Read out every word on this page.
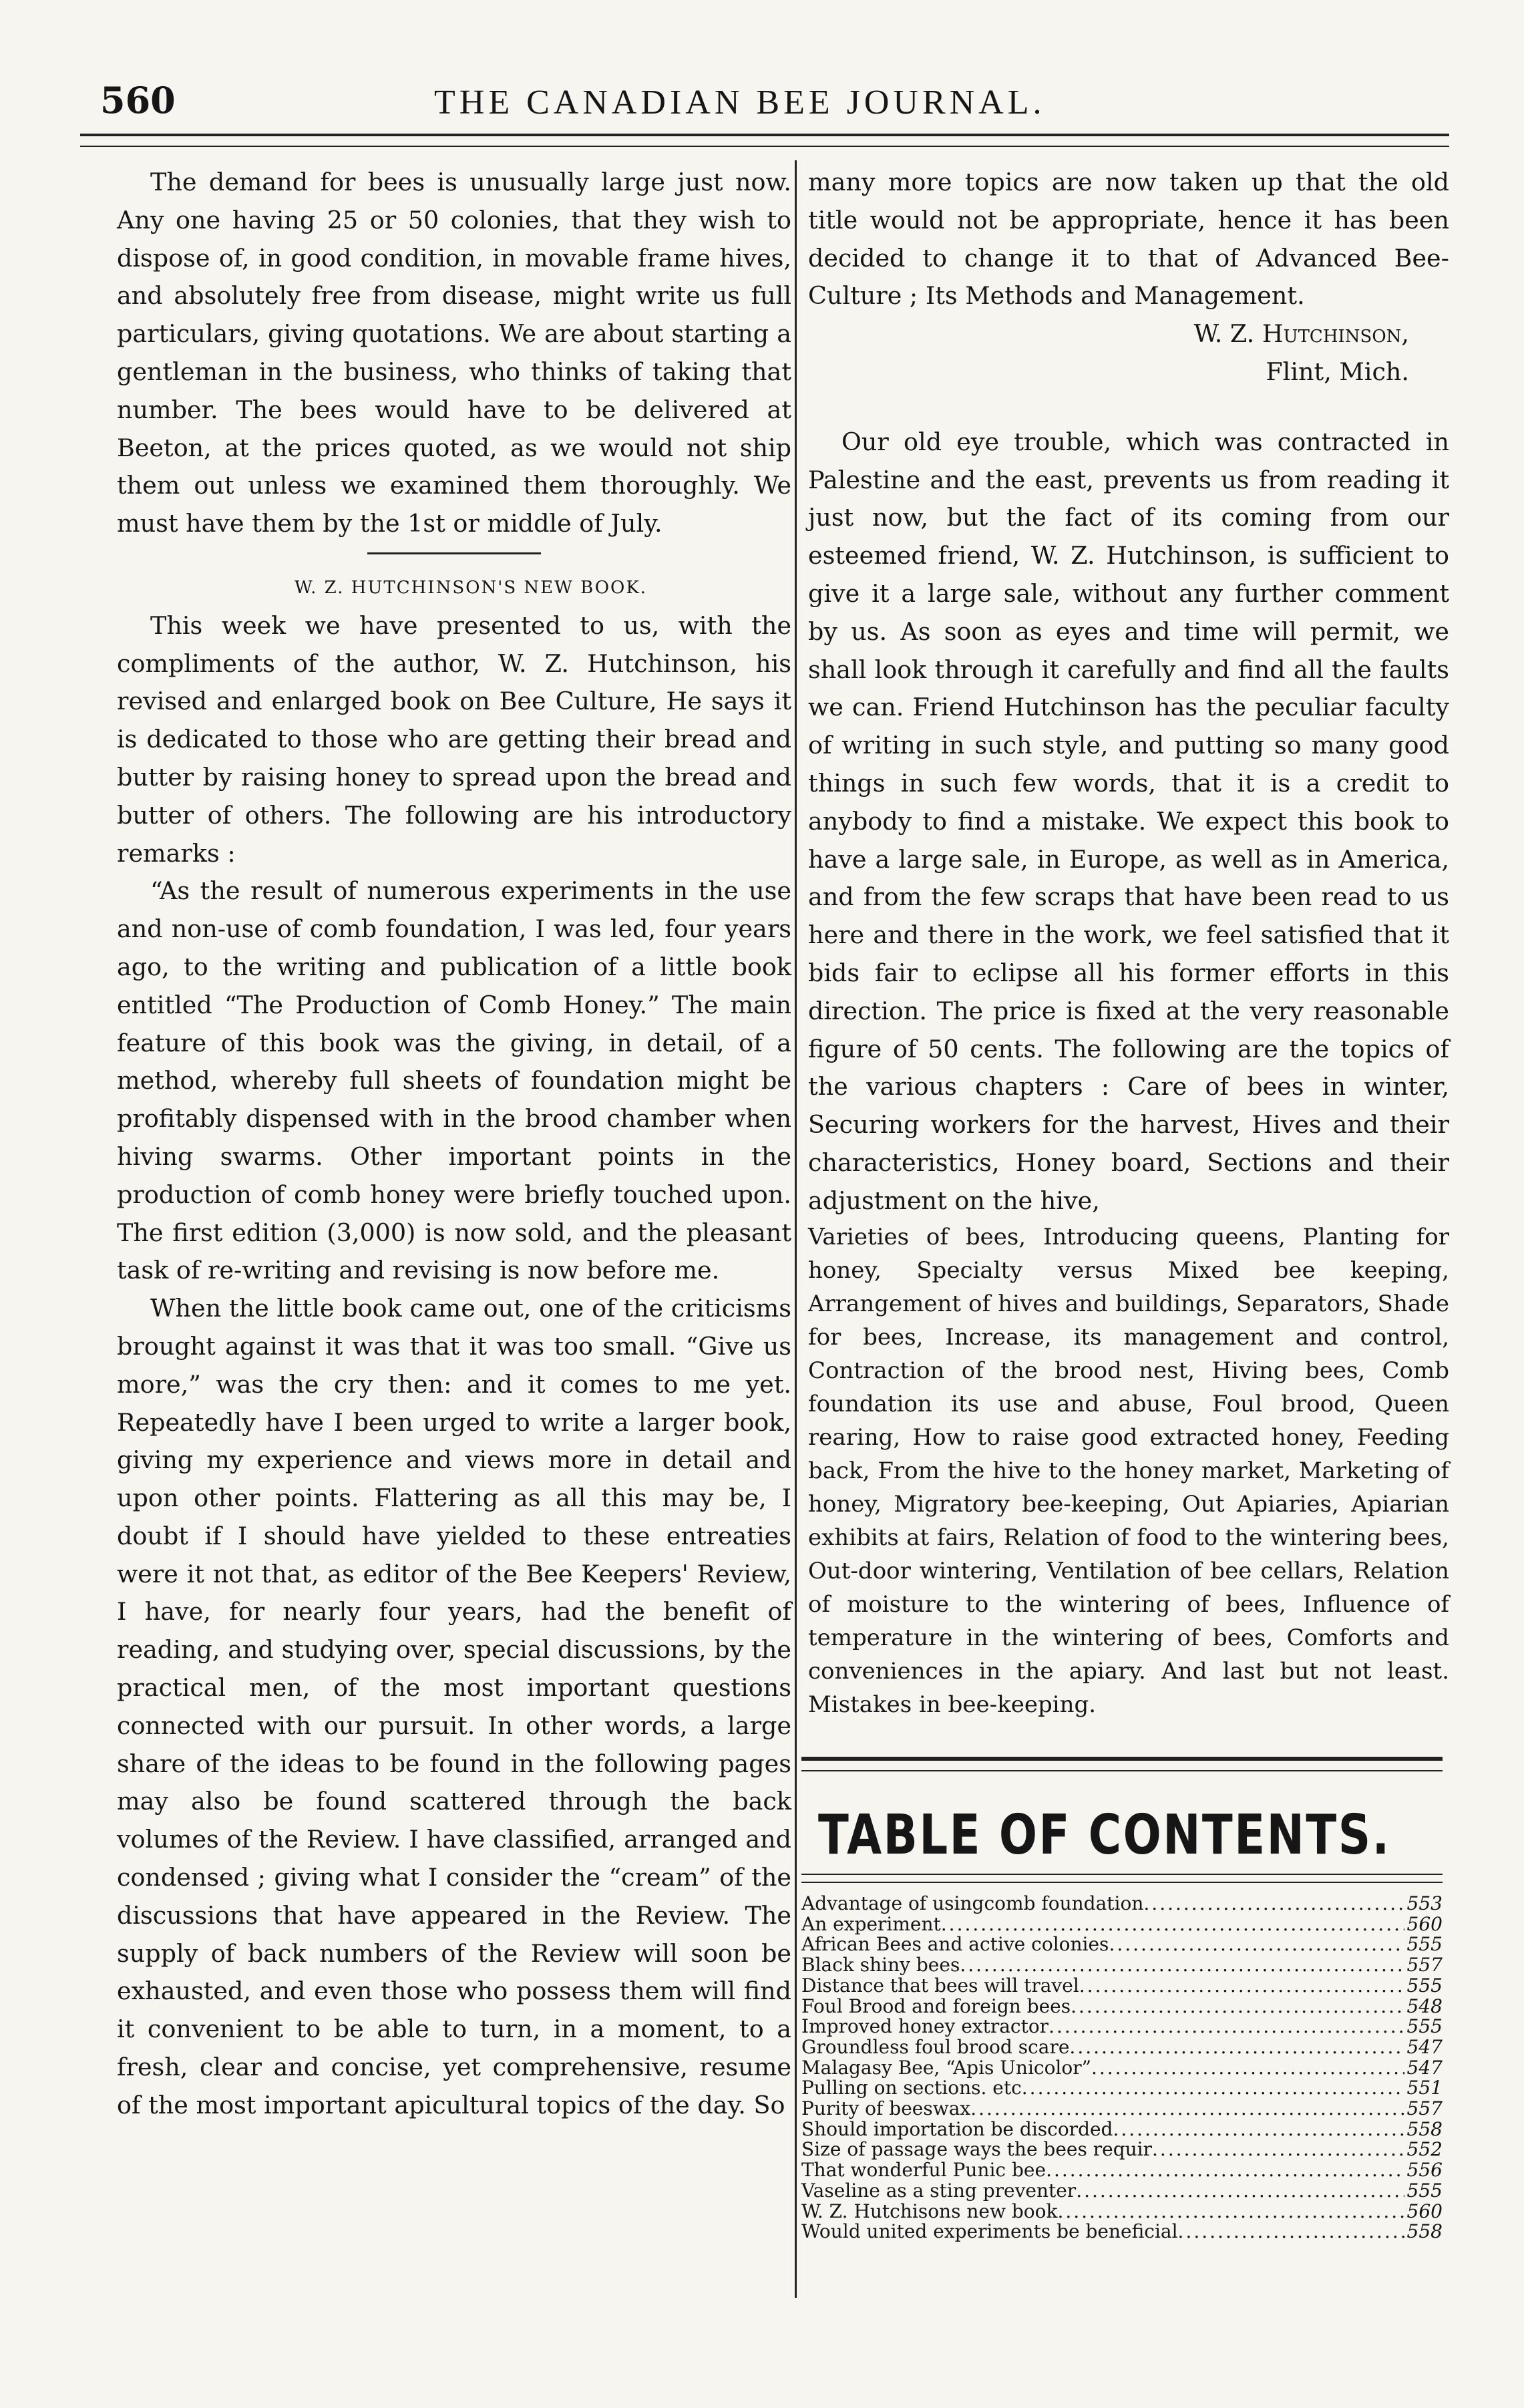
560	THE CANADIAN BEE JOURNAL.

The demand for bees is unusually large just now. Any one having 25 or 50 colonies, that they wish to dispose of, in good condition, in movable frame hives, and absolutely free from disease, might write us full particulars, giving quotations. We are about starting a gentleman in the business, who thinks of taking that number. The bees would have to be delivered at Beeton, at the prices quoted, as we would not ship them out unless we examined them thoroughly. We must have them by the 1st or middle of July.

W. Z. HUTCHINSON'S NEW BOOK.

This week we have presented to us, with the compliments of the author, W. Z. Hutchinson, his revised and enlarged book on Bee Culture, He says it is dedicated to those who are getting their bread and butter by raising honey to spread upon the bread and butter of others. The following are his introductory remarks :

“As the result of numerous experiments in the use and non-use of comb foundation, I was led, four years ago, to the writing and publication of a little book entitled “The Production of Comb Honey.” The main feature of this book was the giving, in detail, of a method, whereby full sheets of foundation might be profitably dispensed with in the brood chamber when hiving swarms. Other important points in the production of comb honey were briefly touched upon. The first edition (3,000) is now sold, and the pleasant task of re-writing and revising is now before me.

When the little book came out, one of the criticisms brought against it was that it was too small. “Give us more,” was the cry then: and it comes to me yet. Repeatedly have I been urged to write a larger book, giving my experience and views more in detail and upon other points. Flattering as all this may be, I doubt if I should have yielded to these entreaties were it not that, as editor of the Bee Keepers' Review, I have, for nearly four years, had the benefit of reading, and studying over, special discussions, by the practical men, of the most important questions connected with our pursuit. In other words, a large share of the ideas to be found in the following pages may also be found scattered through the back volumes of the Review. I have classified, arranged and condensed ; giving what I consider the “cream” of the discussions that have appeared in the Review. The supply of back numbers of the Review will soon be exhausted, and even those who possess them will find it convenient to be able to turn, in a moment, to a fresh, clear and concise, yet comprehensive, resume of the most important apicultural topics of the day. So

many more topics are now taken up that the old title would not be appropriate, hence it has been decided to change it to that of Advanced Bee-Culture ; Its Methods and Management.

W. Z. Hutchinson,

Flint, Mich.

Our old eye trouble, which was contracted in Palestine and the east, prevents us from reading it just now, but the fact of its coming from our esteemed friend, W. Z. Hutchinson, is sufficient to give it a large sale, without any further comment by us. As soon as eyes and time will permit, we shall look through it carefully and find all the faults we can. Friend Hutchinson has the peculiar faculty of writing in such style, and putting so many good things in such few words, that it is a credit to anybody to find a mistake. We expect this book to have a large sale, in Europe, as well as in America, and from the few scraps that have been read to us here and there in the work, we feel satisfied that it bids fair to eclipse all his former efforts in this direction. The price is fixed at the very reasonable figure of 50 cents. The following are the topics of the various chapters : Care of bees in winter, Securing workers for the harvest, Hives and their characteristics, Honey board, Sections and their adjustment on the hive,

Varieties of bees, Introducing queens, Planting for honey, Specialty versus Mixed bee keeping, Arrangement of hives and buildings, Separators, Shade for bees, Increase, its management and control, Contraction of the brood nest, Hiving bees, Comb foundation its use and abuse, Foul brood, Queen rearing, How to raise good extracted honey, Feeding back, From the hive to the honey market, Marketing of honey, Migratory bee-keeping, Out Apiaries, Apiarian exhibits at fairs, Relation of food to the wintering bees, Out-door wintering, Ventilation of bee cellars, Relation of moisture to the wintering of bees, Influence of temperature in the wintering of bees, Comforts and conveniences in the apiary. And last but not least. Mistakes in bee-keeping.

TABLE OF CONTENTS.
Advantage of usingcomb foundation .....	553
An experiment .....	560
African Bees and active colonies .....	555
Black shiny bees .....	557
Distance that bees will travel .....	555
Foul Brood and foreign bees .....	548
Improved honey extractor .....	555
Groundless foul brood scare .....	547
Malagasy Bee, “Apis Unicolor” .....	547
Pulling on sections. etc .....	551
Purity of beeswax .....	557
Should importation be discorded .....	558
Size of passage ways the bees requir .....	552
That wonderful Punic bee .....	556
Vaseline as a sting preventer .....	555
W. Z. Hutchisons new book .....	560
Would united experiments be beneficial .....	558
